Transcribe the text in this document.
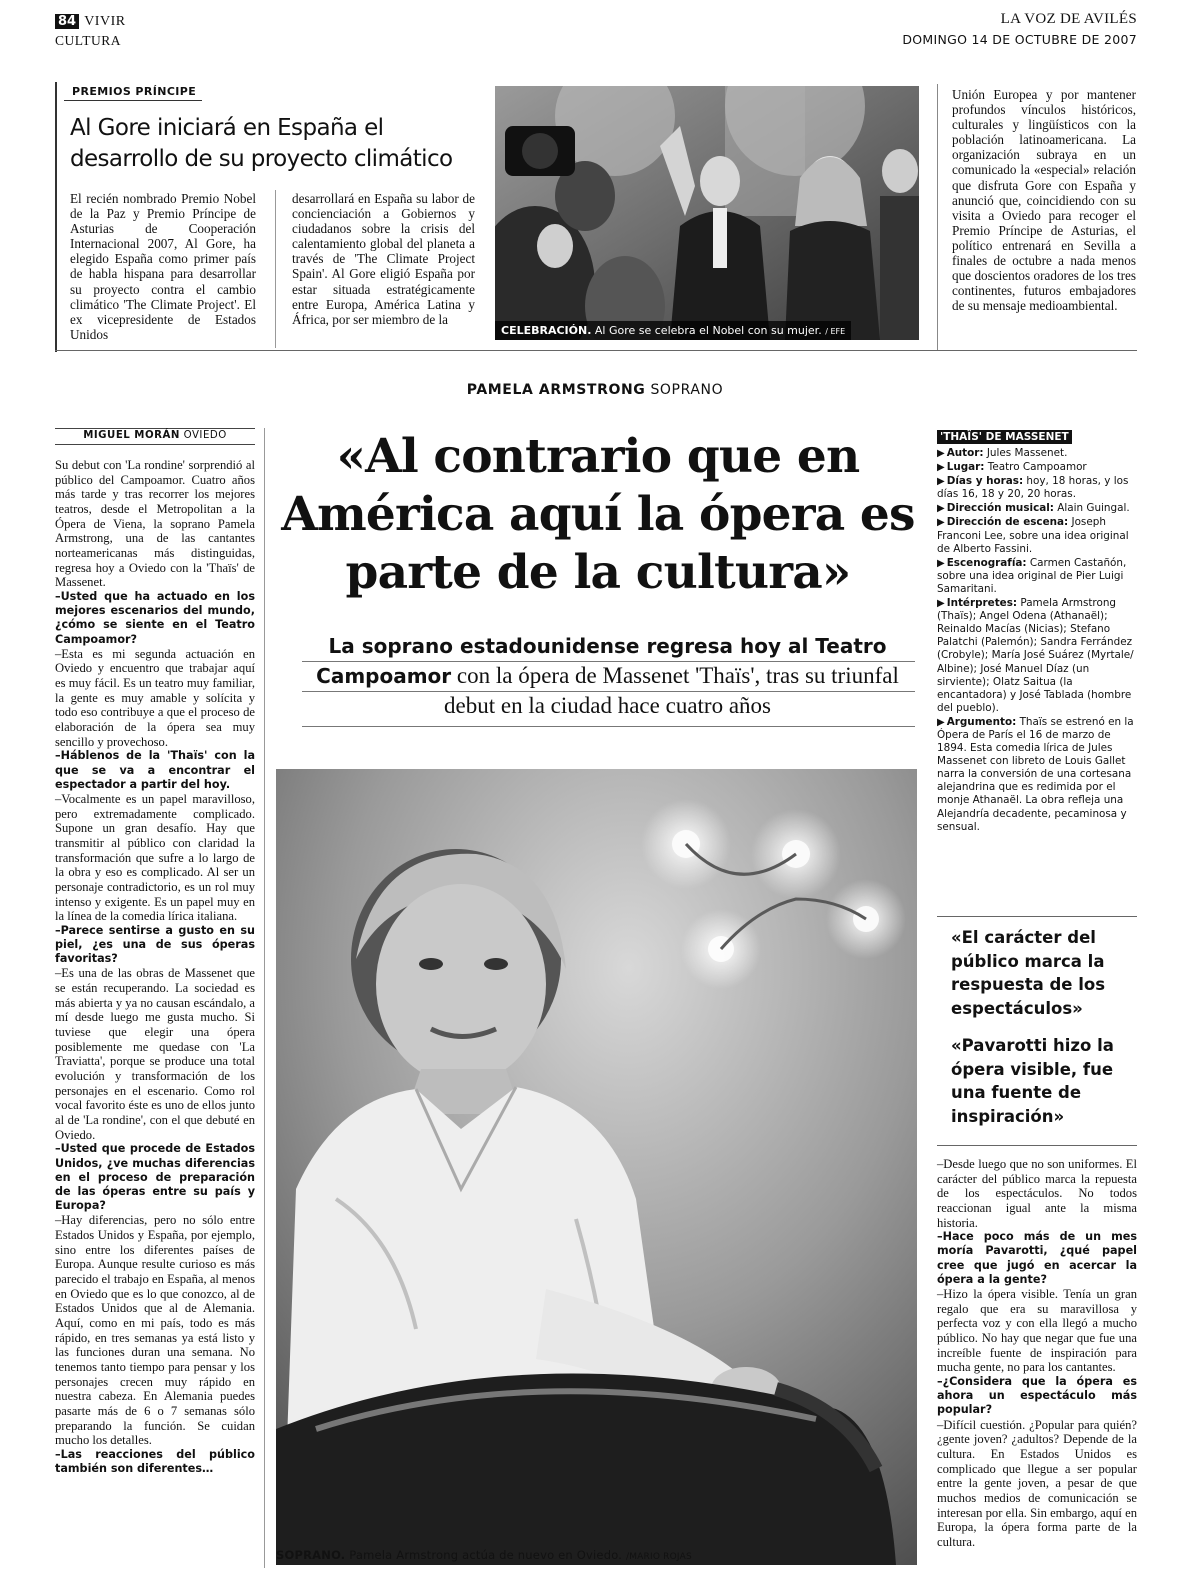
84 VIVIR
CULTURA
LA VOZ DE AVILÉS
DOMINGO 14 DE OCTUBRE DE 2007
PREMIOS PRÍNCIPE
Al Gore iniciará en España el desarrollo de su proyecto climático
El recién nombrado Premio Nobel de la Paz y Premio Príncipe de Asturias de Cooperación Internacional 2007, Al Gore, ha elegido España como primer país de habla hispana para desarrollar su proyecto contra el cambio climático 'The Climate Project'. El ex vicepresidente de Estados Unidos
desarrollará en España su labor de concienciación a Gobiernos y ciudadanos sobre la crisis del calentamiento global del planeta a través de 'The Climate Project Spain'. Al Gore eligió España por estar situada estratégicamente entre Europa, América Latina y África, por ser miembro de la
Unión Europea y por mantener profundos vínculos históricos, culturales y lingüísticos con la población latinoamericana. La organización subraya en un comunicado la «especial» relación que disfruta Gore con España y anunció que, coincidiendo con su visita a Oviedo para recoger el Premio Príncipe de Asturias, el político entrenará en Sevilla a finales de octubre a nada menos que doscientos oradores de los tres continentes, futuros embajadores de su mensaje medioambiental.
CELEBRACIÓN. Al Gore se celebra el Nobel con su mujer. / EFE
PAMELA ARMSTRONG SOPRANO
MIGUEL MORÁN OVIEDO
Su debut con 'La rondine' sorprendió al público del Campoamor. Cuatro años más tarde y tras recorrer los mejores teatros, desde el Metropolitan a la Ópera de Viena, la soprano Pamela Armstrong, una de las cantantes norteamericanas más distinguidas, regresa hoy a Oviedo con la 'Thaïs' de Massenet.
–Usted que ha actuado en los mejores escenarios del mundo, ¿cómo se siente en el Teatro Campoamor?
–Esta es mi segunda actuación en Oviedo y encuentro que trabajar aquí es muy fácil. Es un teatro muy familiar, la gente es muy amable y solícita y todo eso contribuye a que el proceso de elaboración de la ópera sea muy sencillo y provechoso.
–Háblenos de la 'Thaïs' con la que se va a encontrar el espectador a partir del hoy.
–Vocalmente es un papel maravilloso, pero extremadamente complicado. Supone un gran desafío. Hay que transmitir al público con claridad la transformación que sufre a lo largo de la obra y eso es complicado. Al ser un personaje contradictorio, es un rol muy intenso y exigente. Es un papel muy en la línea de la comedia lírica italiana.
–Parece sentirse a gusto en su piel, ¿es una de sus óperas favoritas?
–Es una de las obras de Massenet que se están recuperando. La sociedad es más abierta y ya no causan escándalo, a mí desde luego me gusta mucho. Si tuviese que elegir una ópera posiblemente me quedase con 'La Traviatta', porque se produce una total evolución y transformación de los personajes en el escenario. Como rol vocal favorito éste es uno de ellos junto al de 'La rondine', con el que debuté en Oviedo.
–Usted que procede de Estados Unidos, ¿ve muchas diferencias en el proceso de preparación de las óperas entre su país y Europa?
–Hay diferencias, pero no sólo entre Estados Unidos y España, por ejemplo, sino entre los diferentes países de Europa. Aunque resulte curioso es más parecido el trabajo en España, al menos en Oviedo que es lo que conozco, al de Estados Unidos que al de Alemania. Aquí, como en mi país, todo es más rápido, en tres semanas ya está listo y las funciones duran una semana. No tenemos tanto tiempo para pensar y los personajes crecen muy rápido en nuestra cabeza. En Alemania puedes pasarte más de 6 o 7 semanas sólo preparando la función. Se cuidan mucho los detalles.
–Las reacciones del público también son diferentes…
«Al contrario que en América aquí la ópera es parte de la cultura»
La soprano estadounidense regresa hoy al Teatro Campoamor con la ópera de Massenet 'Thaïs', tras su triunfal debut en la ciudad hace cuatro años
SOPRANO. Pamela Armstrong actúa de nuevo en Oviedo. /MARIO ROJAS
'THAÏS' DE MASSENET
▶ Autor: Jules Massenet.
▶ Lugar: Teatro Campoamor
▶ Días y horas: hoy, 18 horas, y los días 16, 18 y 20, 20 horas.
▶ Dirección musical: Alain Guingal.
▶ Dirección de escena: Joseph Franconi Lee, sobre una idea original de Alberto Fassini.
▶ Escenografía: Carmen Castañón, sobre una idea original de Pier Luigi Samaritani.
▶ Intérpretes: Pamela Armstrong (Thaïs); Angel Odena (Athanaël); Reinaldo Macías (Nicias); Stefano Palatchi (Palemón); Sandra Ferrández (Crobyle); María José Suárez (Myrtale/ Albine); José Manuel Díaz (un sirviente); Olatz Saitua (la encantadora) y José Tablada (hombre del pueblo).
▶ Argumento: Thaïs se estrenó en la Ópera de París el 16 de marzo de 1894. Esta comedia lírica de Jules Massenet con libreto de Louis Gallet narra la conversión de una cortesana alejandrina que es redimida por el monje Athanaël. La obra refleja una Alejandría decadente, pecaminosa y sensual.
«El carácter del público marca la respuesta de los espectáculos»
«Pavarotti hizo la ópera visible, fue una fuente de inspiración»
–Desde luego que no son uniformes. El carácter del público marca la repuesta de los espectáculos. No todos reaccionan igual ante la misma historia.
–Hace poco más de un mes moría Pavarotti, ¿qué papel cree que jugó en acercar la ópera a la gente?
–Hizo la ópera visible. Tenía un gran regalo que era su maravillosa y perfecta voz y con ella llegó a mucho público. No hay que negar que fue una increíble fuente de inspiración para mucha gente, no para los cantantes.
–¿Considera que la ópera es ahora un espectáculo más popular?
–Difícil cuestión. ¿Popular para quién? ¿gente joven? ¿adultos? Depende de la cultura. En Estados Unidos es complicado que llegue a ser popular entre la gente joven, a pesar de que muchos medios de comunicación se interesan por ella. Sin embargo, aquí en Europa, la ópera forma parte de la cultura.
